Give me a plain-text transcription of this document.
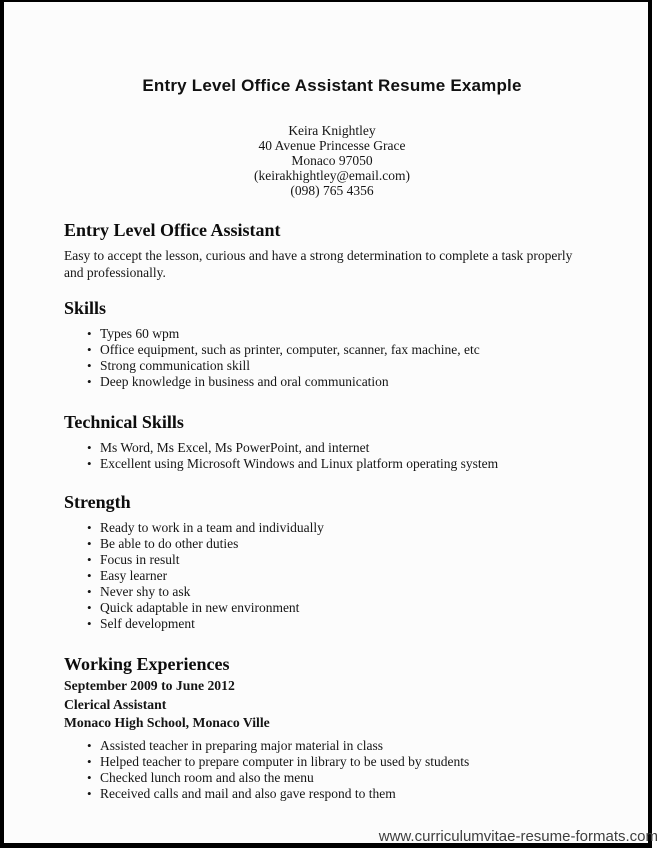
Entry Level Office Assistant Resume Example
Keira Knightley
40 Avenue Princesse Grace
Monaco 97050
(keirakhightley@email.com)
(098) 765 4356
Entry Level Office Assistant

Easy to accept the lesson, curious and have a strong determination to complete a task properly and professionally.

Skills
• Types 60 wpm
• Office equipment, such as printer, computer, scanner, fax machine, etc
• Strong communication skill
• Deep knowledge in business and oral communication
Technical Skills
• Ms Word, Ms Excel, Ms PowerPoint, and internet
• Excellent using Microsoft Windows and Linux platform operating system
Strength
• Ready to work in a team and individually
• Be able to do other duties
• Focus in result
• Easy learner
• Never shy to ask
• Quick adaptable in new environment
• Self development
Working Experiences
September 2009 to June 2012
Clerical Assistant
Monaco High School, Monaco Ville
• Assisted teacher in preparing major material in class
• Helped teacher to prepare computer in library to be used by students
• Checked lunch room and also the menu
• Received calls and mail and also gave respond to them
www.curriculumvitae-resume-formats.com
